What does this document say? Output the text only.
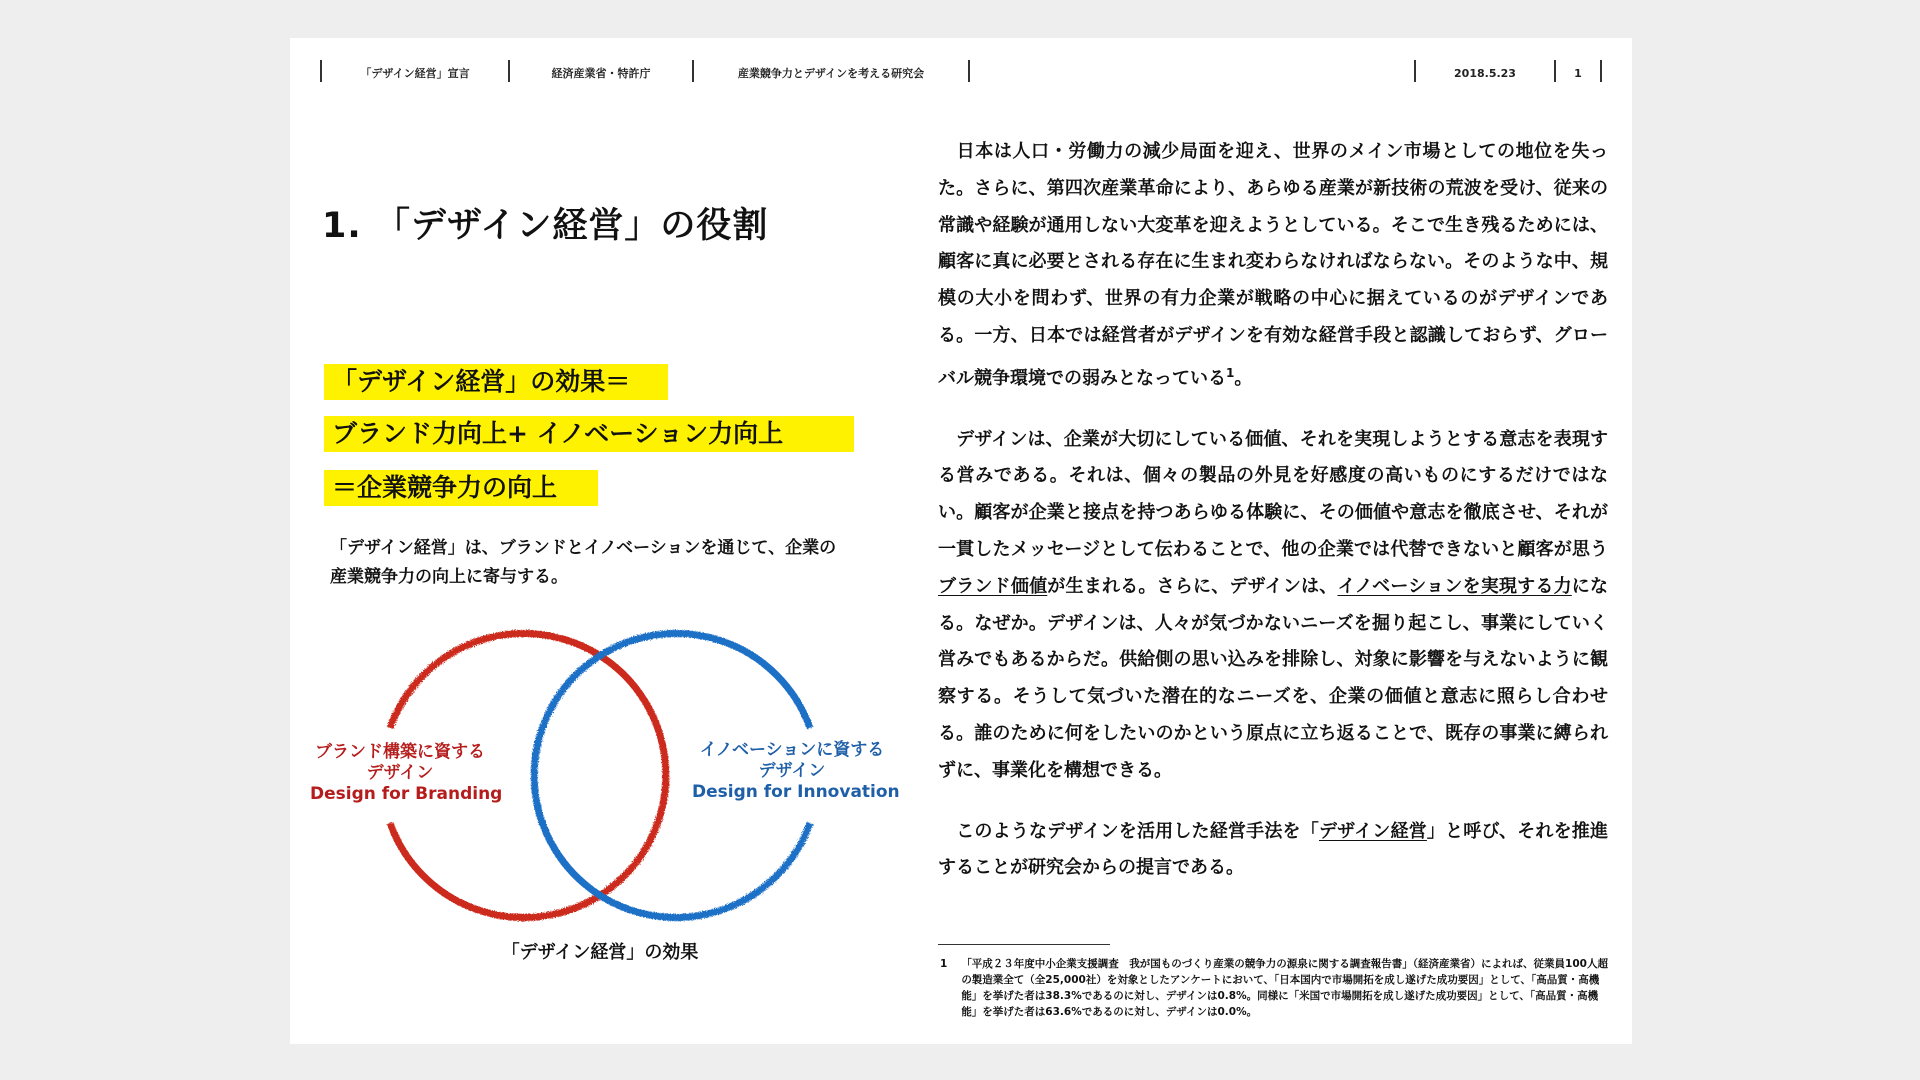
「デザイン経営」宣言	経済産業省・特許庁	産業競争力とデザインを考える研究会	2018.5.23	1
1. 「デザイン経営」の役割
「デザイン経営」の効果＝
ブランド力向上+ イノベーション力向上
＝企業競争力の向上
「デザイン経営」は、ブランドとイノベーションを通じて、企業の産業競争力の向上に寄与する。
ブランド構築に資する
デザイン
Design for Branding
イノベーションに資する
デザイン
Design for Innovation
「デザイン経営」の効果

　日本は人口・労働力の減少局面を迎え、世界のメイン市場としての地位を失った。さらに、第四次産業革命により、あらゆる産業が新技術の荒波を受け、従来の常識や経験が通用しない大変革を迎えようとしている。そこで生き残るためには、顧客に真に必要とされる存在に生まれ変わらなければならない。そのような中、規模の大小を問わず、世界の有力企業が戦略の中心に据えているのがデザインである。一方、日本では経営者がデザインを有効な経営手段と認識しておらず、グローバル競争環境での弱みとなっている$^1$。

　デザインは、企業が大切にしている価値、それを実現しようとする意志を表現する営みである。それは、個々の製品の外見を好感度の高いものにするだけではない。顧客が企業と接点を持つあらゆる体験に、その価値や意志を徹底させ、それが一貫したメッセージとして伝わることで、他の企業では代替できないと顧客が思うブランド価値が生まれる。さらに、デザインは、イノベーションを実現する力になる。なぜか。デザインは、人々が気づかないニーズを掘り起こし、事業にしていく営みでもあるからだ。供給側の思い込みを排除し、対象に影響を与えないように観察する。そうして気づいた潜在的なニーズを、企業の価値と意志に照らし合わせる。誰のために何をしたいのかという原点に立ち返ることで、既存の事業に縛られずに、事業化を構想できる。

　このようなデザインを活用した経営手法を「デザイン経営」と呼び、それを推進することが研究会からの提言である。

1 「平成２３年度中小企業支援調査　我が国ものづくり産業の競争力の源泉に関する調査報告書」（経済産業省）によれば、従業員100人超の製造業全て（全25,000社）を対象としたアンケートにおいて、「日本国内で市場開拓を成し遂げた成功要因」として、「高品質・高機能」を挙げた者は38.3%であるのに対し、デザインは0.8%。同様に「米国で市場開拓を成し遂げた成功要因」として、「高品質・高機能」を挙げた者は63.6%であるのに対し、デザインは0.0%。
